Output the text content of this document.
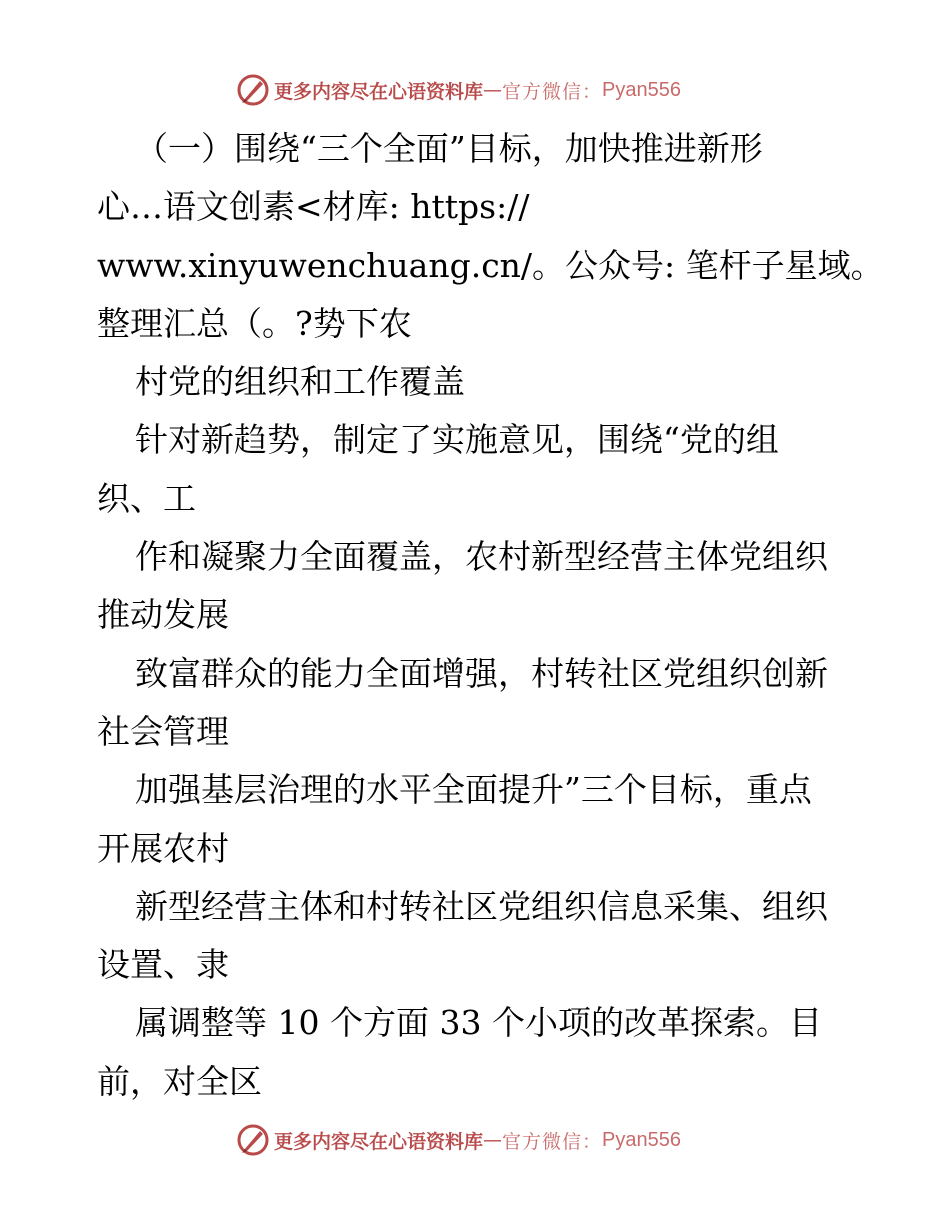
更多内容尽在心语资料库 — 官方微信： Pyan556
（一）围绕“三个全面”目标，加快推进新形
心…语文创素<材库: https://
www.xinyuwenchuang.cn/。公众号: 笔杆子星域。
整理汇总（。?势下农
村党的组织和工作覆盖
针对新趋势，制定了实施意见，围绕“党的组
织、工
作和凝聚力全面覆盖，农村新型经营主体党组织
推动发展
致富群众的能力全面增强，村转社区党组织创新
社会管理
加强基层治理的水平全面提升”三个目标，重点
开展农村
新型经营主体和村转社区党组织信息采集、组织
设置、隶
属调整等 10 个方面 33 个小项的改革探索。目
前，对全区
更多内容尽在心语资料库 — 官方微信： Pyan556
